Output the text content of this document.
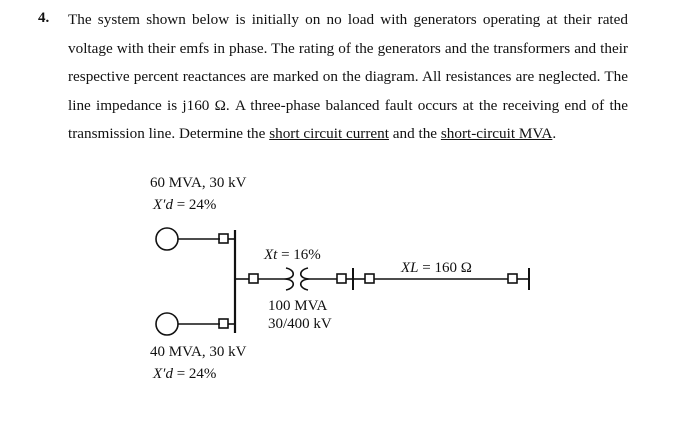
4. The system shown below is initially on no load with generators operating at their rated voltage with their emfs in phase. The rating of the generators and the transformers and their respective percent reactances are marked on the diagram. All resistances are neglected. The line impedance is j160 Ω. A three-phase balanced fault occurs at the receiving end of the transmission line. Determine the short circuit current and the short-circuit MVA.
60 MVA, 30 kV
X′d = 24%
Xt = 16%
XL = 160 Ω
100 MVA
30/400 kV
40 MVA, 30 kV
X′d = 24%
